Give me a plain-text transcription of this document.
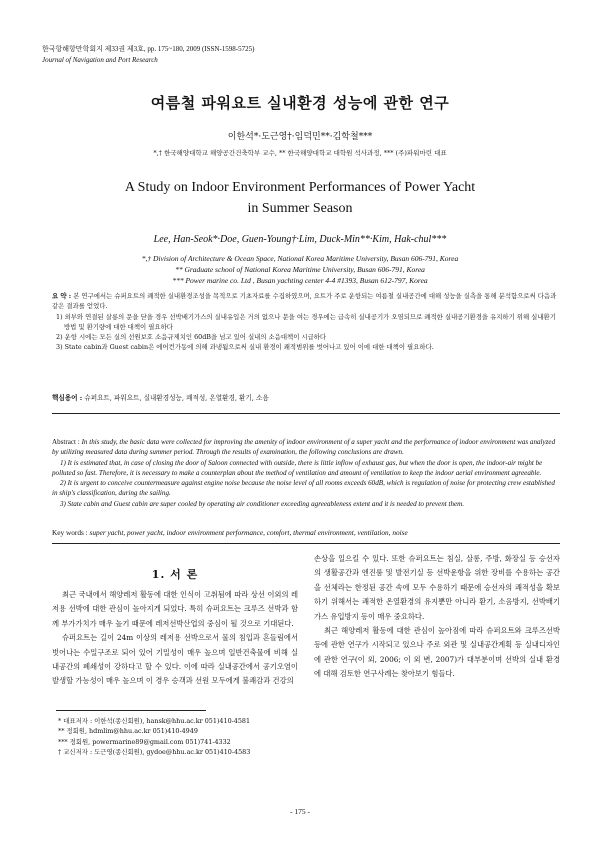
한국항해항만학회지 제33권 제3호, pp. 175~180, 2009 (ISSN-1598-5725)
Journal of Navigation and Port Research
여름철 파워요트 실내환경 성능에 관한 연구
이한석*·도근영†·임덕민**·김학철***
*,† 한국해양대학교 해양공간건축학부 교수, ** 한국해양대학교 대학원 석사과정, *** (주)파워마린 대표
A Study on Indoor Environment Performances of Power Yacht
in Summer Season
Lee, Han-Seok*·Doe, Guen-Young†·Lim, Duck-Min**·Kim, Hak-chul***
*,† Division of Architecture & Ocean Space, National Korea Maritime University, Busan 606-791, Korea
** Graduate school of National Korea Maritime University, Busan 606-791, Korea
*** Power marine co. Ltd , Busan yachting center 4-4 #1393, Busan 612-797, Korea

요 약 : 본 연구에서는 슈퍼요트의 쾌적한 실내환경조성을 목적으로 기초자료를 수집하였으며, 요트가 주로 운항되는 여름철 실내공간에 대해 성능을 실측을 통해 분석함으로써 다음과 같은 결과를 얻었다.

1) 외부와 연결된 살롱의 문을 닫을 경우 선박배기가스의 실내유입은 거의 없으나 문을 여는 경우에는 급속히 실내공기가 오염되므로 쾌적한 실내공기환경을 유지하기 위해 실내환기방법 및 환기량에 대한 대책이 필요하다

2) 운항 시에는 모든 실의 선원보호 소음규제치인 60dB을 넘고 있어 실내의 소음대책이 시급하다

3) State cabin과 Guest cabin은 에어컨가동에 의해 과냉됨으로써 실내 환경이 쾌적범위를 벗어나고 있어 이에 대한 대책이 필요하다.

핵심용어 : 슈퍼요트, 파워요트, 실내환경성능, 쾌적성, 온열환경, 환기, 소음

Abstract : In this study, the basic data were collected for improving the amenity of indoor environment of a super yacht and the performance of indoor environment was analyzed by utilizing measured data during summer period. Through the results of examination, the following conclusions are drawn.

1) It is estimated that, in case of closing the door of Saloon connected with outside, there is little inflow of exhaust gas, but when the door is open, the indoor-air might be polluted so fast. Therefore, it is necessary to make a counterplan about the method of ventilation and amount of ventilation to keep the indoor aerial environment agreeable.

2) It is urgent to conceive countermeasure against engine noise because the noise level of all rooms exceeds 60dB, which is regulation of noise for protecting crew established in ship's classification, during the sailing.

3) State cabin and Guest cabin are super cooled by operating air conditioner exceeding agreeableness extent and it is needed to prevent them.

Key words : super yacht, power yacht, indoor environment performance, comfort, thermal environment, ventilation, noise
1. 서 론

최근 국내에서 해양레저 활동에 대한 인식이 고취됨에 따라 상선 이외의 레저용 선박에 대한 관심이 높아지게 되었다. 특히 슈퍼요트는 크루즈 선박과 함께 부가가치가 매우 높기 때문에 레저선박산업의 중심이 될 것으로 기대된다.

슈퍼요트는 길이 24m 이상의 레저용 선박으로서 물의 침입과 흔들림에서 벗어나는 수밀구조로 되어 있어 기밀성이 매우 높으며 일반건축물에 비해 실내공간의 폐쇄성이 강하다고 할 수 있다. 이에 따라 실내공간에서 공기오염이 발생할 가능성이 매우 높으며 이 경우 승객과 선원 모두에게 불쾌감과 건강의

손상을 일으킬 수 있다. 또한 슈퍼요트는 침실, 살롱, 주방, 화장실 등 승선자의 생활공간과 엔진룸 및 발전기실 등 선박운항을 위한 장비를 수용하는 공간을 선체라는 한정된 공간 속에 모두 수용하기 때문에 승선자의 쾌적성을 확보하기 위해서는 쾌적한 온열환경의 유지뿐만 아니라 환기, 소음방지, 선박배기가스 유입방지 등이 매우 중요하다.

최근 해양레저 활동에 대한 관심이 높아짐에 따라 슈퍼요트와 크루즈선박 등에 관한 연구가 시작되고 있으나 주로 외관 및 실내공간계획 등 실내디자인에 관한 연구(이 외, 2006; 이 외 변, 2007)가 대부분이며 선박의 실내 환경에 대해 검토한 연구사례는 찾아보기 힘들다.

* 대표저자 : 이한석(종신회원), hansk@hhu.ac.kr 051)410-4581

** 정회원, hdmlim@hhu.ac.kr 051)410-4949

*** 정회원, powermarine89@gmail.com 051)741-4332

† 교신저자 : 도근영(종신회원), gydoe@hhu.ac.kr 051)410-4583

- 175 -
